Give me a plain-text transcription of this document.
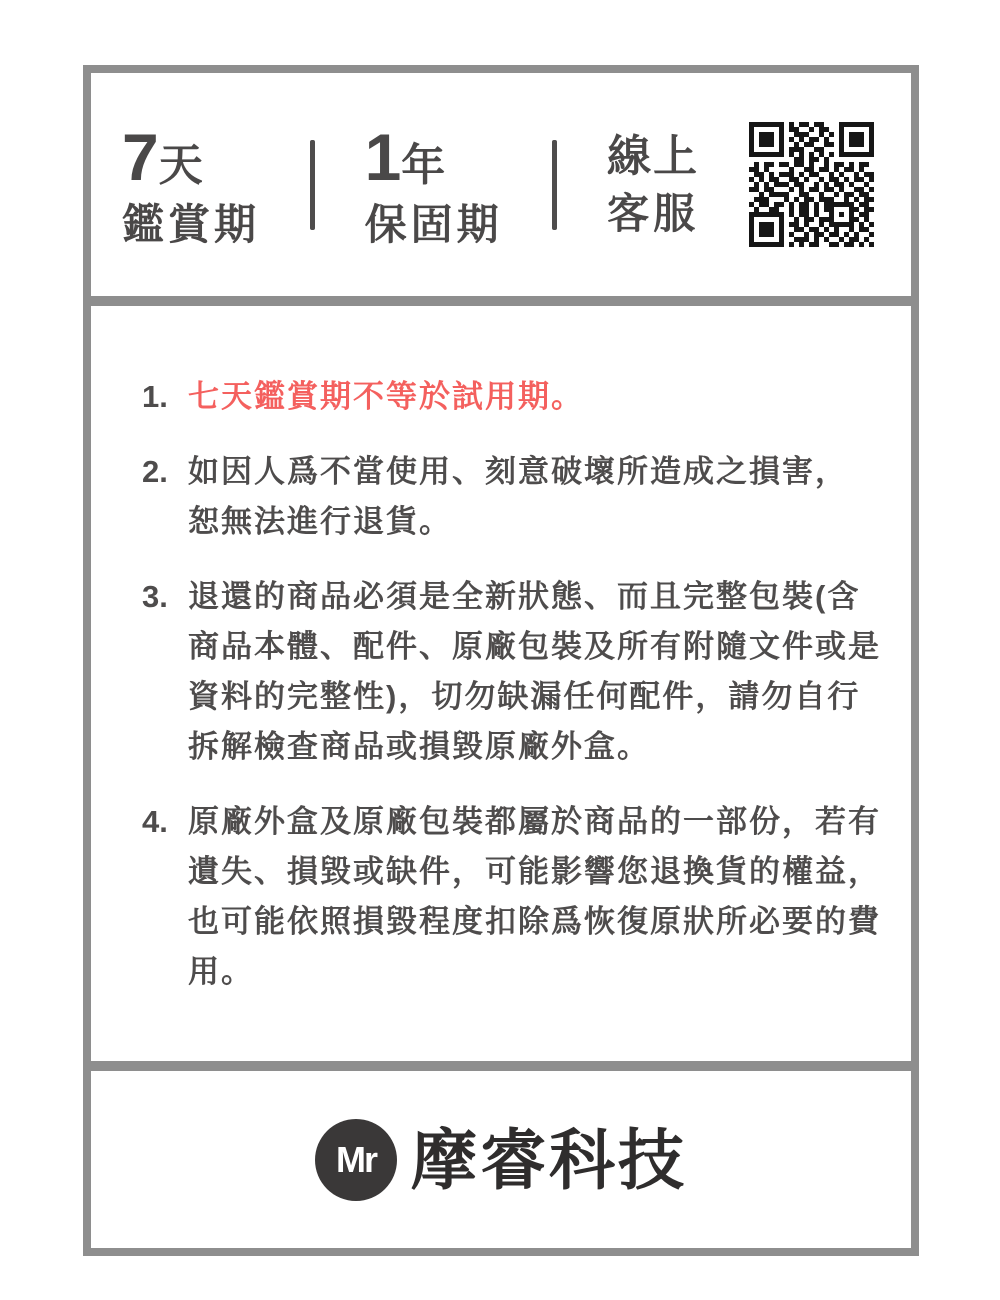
7 天
鑑賞期
1 年
保固期
線上
客服
1. 七天鑑賞期不等於試用期。
2. 如因人爲不當使用、刻意破壞所造成之損害，
恕無法進行退貨。
3. 退還的商品必須是全新狀態、而且完整包裝(含
商品本體、配件、原廠包裝及所有附隨文件或是
資料的完整性)，切勿缺漏任何配件，請勿自行
拆解檢查商品或損毀原廠外盒。
4. 原廠外盒及原廠包裝都屬於商品的一部份，若有
遺失、損毀或缺件，可能影響您退換貨的權益，
也可能依照損毀程度扣除爲恢復原狀所必要的費
用。
Mr 摩睿科技
